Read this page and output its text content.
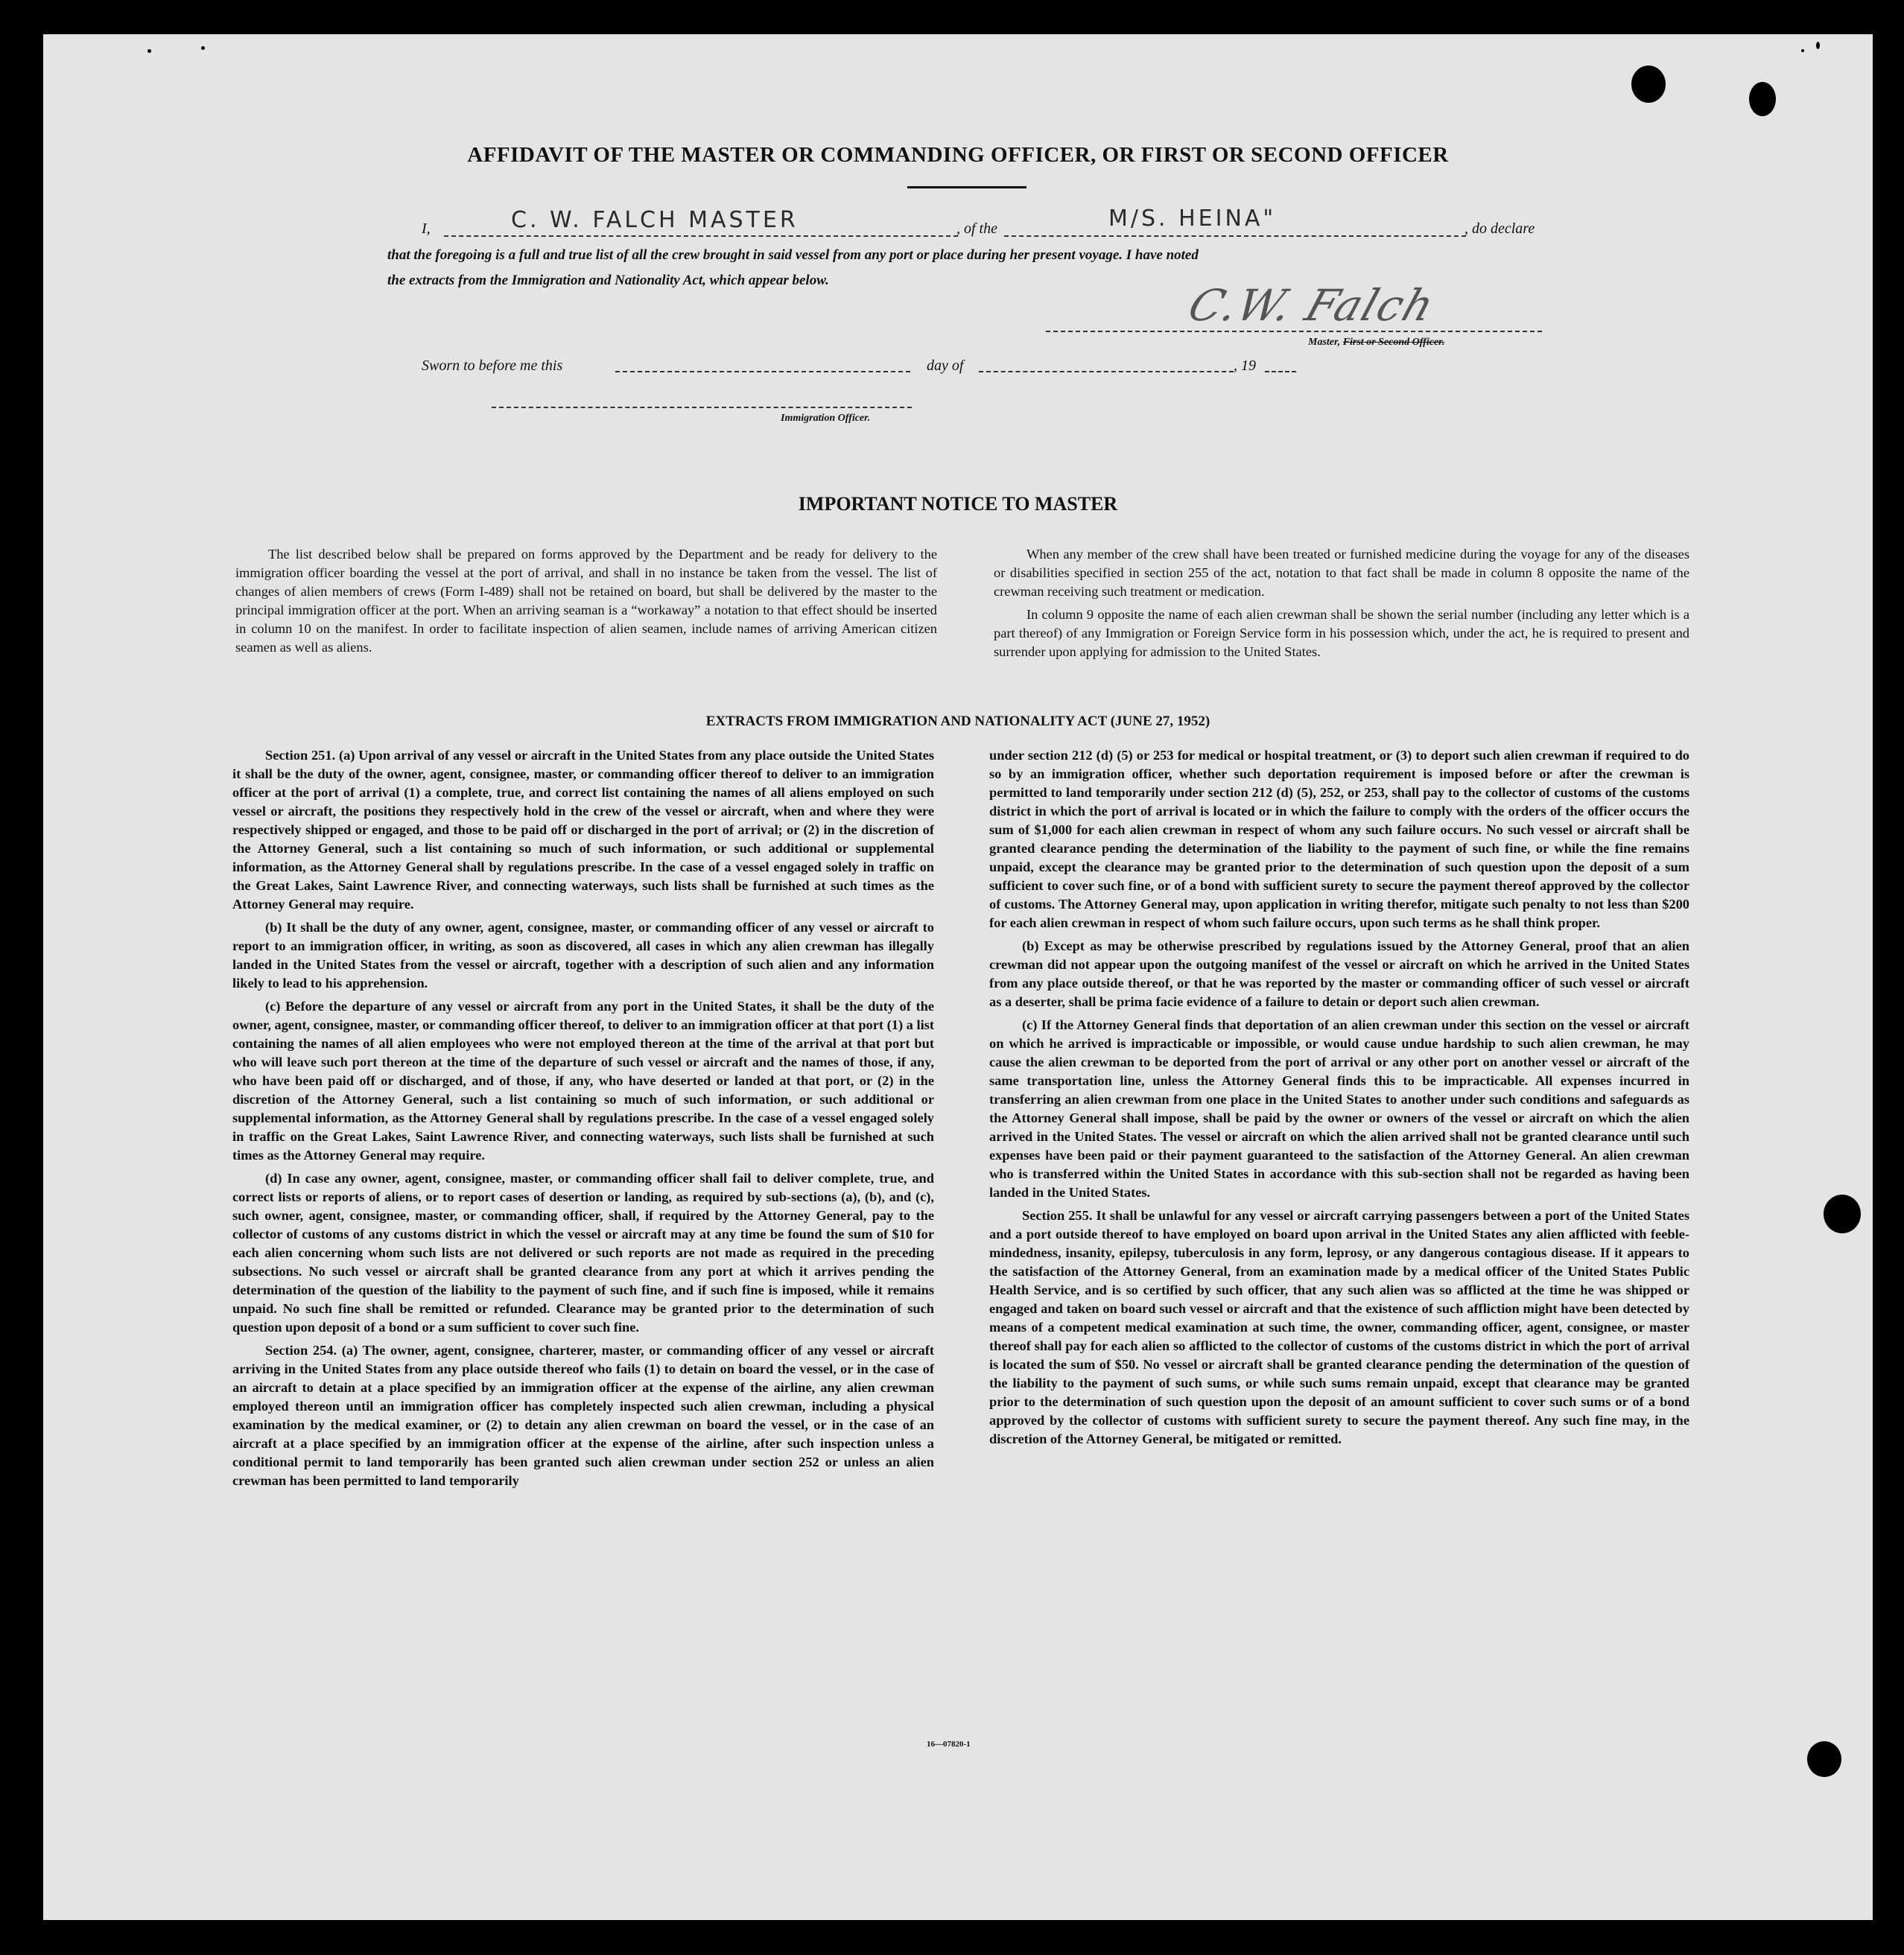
AFFIDAVIT OF THE MASTER OR COMMANDING OFFICER, OR FIRST OR SECOND OFFICER
I,	C. W. FALCH MASTER	, of the	M/S. HEINA"	, do declare
that the foregoing is a full and true list of all the crew brought in said vessel from any port or place during her present voyage. I have noted
the extracts from the Immigration and Nationality Act, which appear below.	C.W. Falch
Master, First or Second Officer.
Sworn to before me this	day of	, 19
Immigration Officer.
IMPORTANT NOTICE TO MASTER

The list described below shall be prepared on forms approved by the Department and be ready for delivery to the immigration officer boarding the vessel at the port of arrival, and shall in no instance be taken from the vessel. The list of changes of alien members of crews (Form I-489) shall not be retained on board, but shall be delivered by the master to the principal immigration officer at the port. When an arriving seaman is a “workaway” a notation to that effect should be inserted in column 10 on the manifest. In order to facilitate inspection of alien seamen, include names of arriving American citizen seamen as well as aliens.

When any member of the crew shall have been treated or furnished medicine during the voyage for any of the diseases or disabilities specified in section 255 of the act, notation to that fact shall be made in column 8 opposite the name of the crewman receiving such treatment or medication.

In column 9 opposite the name of each alien crewman shall be shown the serial number (including any letter which is a part thereof) of any Immigration or Foreign Service form in his possession which, under the act, he is required to present and surrender upon applying for admission to the United States.

EXTRACTS FROM IMMIGRATION AND NATIONALITY ACT (JUNE 27, 1952)

Section 251. (a) Upon arrival of any vessel or aircraft in the United States from any place outside the United States it shall be the duty of the owner, agent, consignee, master, or commanding officer thereof to deliver to an immigration officer at the port of arrival (1) a complete, true, and correct list containing the names of all aliens employed on such vessel or aircraft, the positions they respectively hold in the crew of the vessel or aircraft, when and where they were respectively shipped or engaged, and those to be paid off or discharged in the port of arrival; or (2) in the discretion of the Attorney General, such a list containing so much of such information, or such additional or supplemental information, as the Attorney General shall by regulations prescribe. In the case of a vessel engaged solely in traffic on the Great Lakes, Saint Lawrence River, and connecting waterways, such lists shall be furnished at such times as the Attorney General may require.

(b) It shall be the duty of any owner, agent, consignee, master, or commanding officer of any vessel or aircraft to report to an immigration officer, in writing, as soon as discovered, all cases in which any alien crewman has illegally landed in the United States from the vessel or aircraft, together with a description of such alien and any information likely to lead to his apprehension.

(c) Before the departure of any vessel or aircraft from any port in the United States, it shall be the duty of the owner, agent, consignee, master, or commanding officer thereof, to deliver to an immigration officer at that port (1) a list containing the names of all alien employees who were not employed thereon at the time of the arrival at that port but who will leave such port thereon at the time of the departure of such vessel or aircraft and the names of those, if any, who have been paid off or discharged, and of those, if any, who have deserted or landed at that port, or (2) in the discretion of the Attorney General, such a list containing so much of such information, or such additional or supplemental information, as the Attorney General shall by regulations prescribe. In the case of a vessel engaged solely in traffic on the Great Lakes, Saint Lawrence River, and connecting waterways, such lists shall be furnished at such times as the Attorney General may require.

(d) In case any owner, agent, consignee, master, or commanding officer shall fail to deliver complete, true, and correct lists or reports of aliens, or to report cases of desertion or landing, as required by sub-sections (a), (b), and (c), such owner, agent, consignee, master, or commanding officer, shall, if required by the Attorney General, pay to the collector of customs of any customs district in which the vessel or aircraft may at any time be found the sum of $10 for each alien concerning whom such lists are not delivered or such reports are not made as required in the preceding subsections. No such vessel or aircraft shall be granted clearance from any port at which it arrives pending the determination of the question of the liability to the payment of such fine, and if such fine is imposed, while it remains unpaid. No such fine shall be remitted or refunded. Clearance may be granted prior to the determination of such question upon deposit of a bond or a sum sufficient to cover such fine.

Section 254. (a) The owner, agent, consignee, charterer, master, or commanding officer of any vessel or aircraft arriving in the United States from any place outside thereof who fails (1) to detain on board the vessel, or in the case of an aircraft to detain at a place specified by an immigration officer at the expense of the airline, any alien crewman employed thereon until an immigration officer has completely inspected such alien crewman, including a physical examination by the medical examiner, or (2) to detain any alien crewman on board the vessel, or in the case of an aircraft at a place specified by an immigration officer at the expense of the airline, after such inspection unless a conditional permit to land temporarily has been granted such alien crewman under section 252 or unless an alien crewman has been permitted to land temporarily

under section 212 (d) (5) or 253 for medical or hospital treatment, or (3) to deport such alien crewman if required to do so by an immigration officer, whether such deportation requirement is imposed before or after the crewman is permitted to land temporarily under section 212 (d) (5), 252, or 253, shall pay to the collector of customs of the customs district in which the port of arrival is located or in which the failure to comply with the orders of the officer occurs the sum of $1,000 for each alien crewman in respect of whom any such failure occurs. No such vessel or aircraft shall be granted clearance pending the determination of the liability to the payment of such fine, or while the fine remains unpaid, except the clearance may be granted prior to the determination of such question upon the deposit of a sum sufficient to cover such fine, or of a bond with sufficient surety to secure the payment thereof approved by the collector of customs. The Attorney General may, upon application in writing therefor, mitigate such penalty to not less than $200 for each alien crewman in respect of whom such failure occurs, upon such terms as he shall think proper.

(b) Except as may be otherwise prescribed by regulations issued by the Attorney General, proof that an alien crewman did not appear upon the outgoing manifest of the vessel or aircraft on which he arrived in the United States from any place outside thereof, or that he was reported by the master or commanding officer of such vessel or aircraft as a deserter, shall be prima facie evidence of a failure to detain or deport such alien crewman.

(c) If the Attorney General finds that deportation of an alien crewman under this section on the vessel or aircraft on which he arrived is impracticable or impossible, or would cause undue hardship to such alien crewman, he may cause the alien crewman to be deported from the port of arrival or any other port on another vessel or aircraft of the same transportation line, unless the Attorney General finds this to be impracticable. All expenses incurred in transferring an alien crewman from one place in the United States to another under such conditions and safeguards as the Attorney General shall impose, shall be paid by the owner or owners of the vessel or aircraft on which the alien arrived in the United States. The vessel or aircraft on which the alien arrived shall not be granted clearance until such expenses have been paid or their payment guaranteed to the satisfaction of the Attorney General. An alien crewman who is transferred within the United States in accordance with this sub-section shall not be regarded as having been landed in the United States.

Section 255. It shall be unlawful for any vessel or aircraft carrying passengers between a port of the United States and a port outside thereof to have employed on board upon arrival in the United States any alien afflicted with feeble-mindedness, insanity, epilepsy, tuberculosis in any form, leprosy, or any dangerous contagious disease. If it appears to the satisfaction of the Attorney General, from an examination made by a medical officer of the United States Public Health Service, and is so certified by such officer, that any such alien was so afflicted at the time he was shipped or engaged and taken on board such vessel or aircraft and that the existence of such affliction might have been detected by means of a competent medical examination at such time, the owner, commanding officer, agent, consignee, or master thereof shall pay for each alien so afflicted to the collector of customs of the customs district in which the port of arrival is located the sum of $50. No vessel or aircraft shall be granted clearance pending the determination of the question of the liability to the payment of such sums, or while such sums remain unpaid, except that clearance may be granted prior to the determination of such question upon the deposit of an amount sufficient to cover such sums or of a bond approved by the collector of customs with sufficient surety to secure the payment thereof. Any such fine may, in the discretion of the Attorney General, be mitigated or remitted.

16—07820-1
